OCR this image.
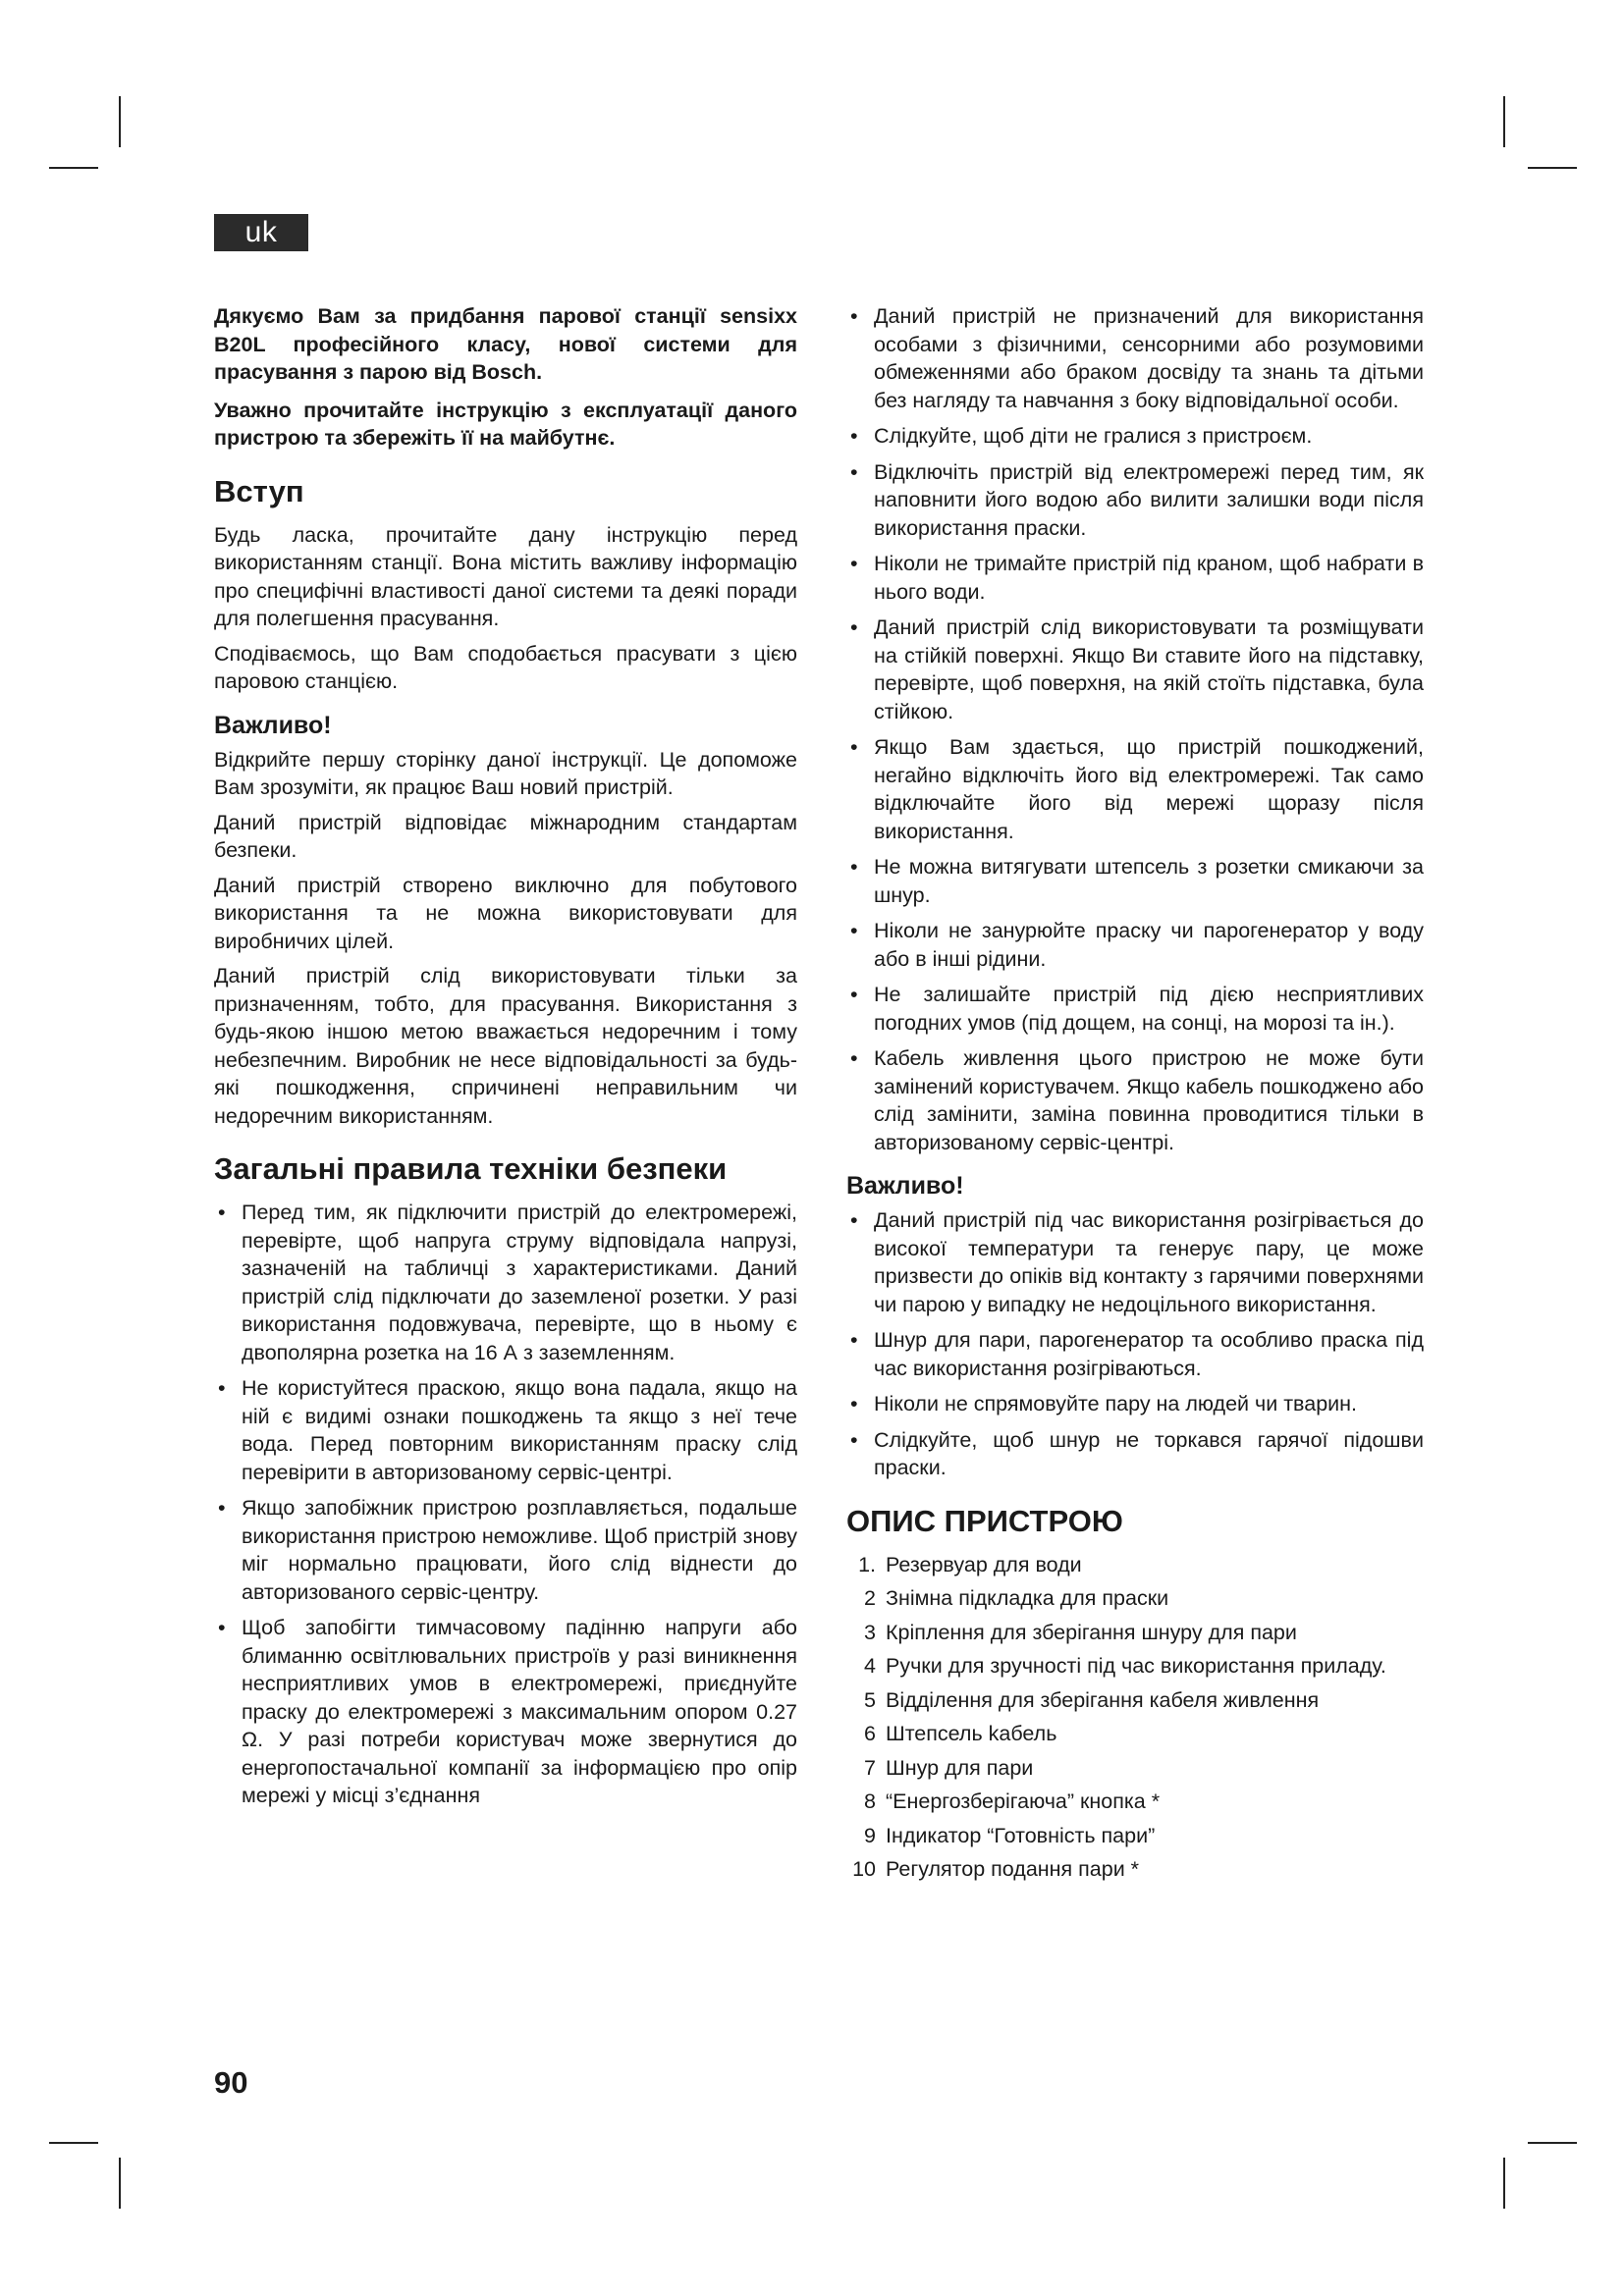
uk

Дякуємо Вам за придбання парової станції sensixx B20L професійного класу, нової системи для прасування з парою від Bosch.

Уважно прочитайте інструкцію з експлуатації даного пристрою та збережіть її на майбутнє.

Вступ

Будь ласка, прочитайте дану інструкцію перед використанням станції. Вона містить важливу інформацію про специфічні властивості даної системи та деякі поради для полегшення прасування.

Сподіваємось, що Вам сподобається прасувати з цією паровою станцією.

Важливо!

Відкрийте першу сторінку даної інструкції. Це допоможе Вам зрозуміти, як працює Ваш новий пристрій.

Даний пристрій відповідає міжнародним стандартам безпеки.

Даний пристрій створено виключно для побутового використання та не можна використовувати для виробничих цілей.

Даний пристрій слід використовувати тільки за призначенням, тобто, для прасування. Використання з будь-якою іншою метою вважається недоречним і тому небезпечним. Виробник не несе відповідальності за будь-які пошкодження, спричинені неправильним чи недоречним використанням.

Загальні правила техніки безпеки
• Перед тим, як підключити пристрій до електромережі, перевірте, щоб напруга струму відповідала напрузі, зазначеній на табличці з характеристиками. Даний пристрій слід підключати до заземленої розетки. У разі використання подовжувача, перевірте, що в ньому є двополярна розетка на 16 А з заземленням.
• Не користуйтеся праскою, якщо вона падала, якщо на ній є видимі ознаки пошкоджень та якщо з неї тече вода. Перед повторним використанням праску слід перевірити в авторизованому сервіс-центрі.
• Якщо запобіжник пристрою розплавляється, подальше використання пристрою неможливе. Щоб пристрій знову міг нормально працювати, його слід віднести до авторизованого сервіс-центру.
• Щоб запобігти тимчасовому падінню напруги або блиманню освітлювальних пристроїв у разі виникнення несприятливих умов в електромережі, приєднуйте праску до електромережі з максимальним опором 0.27 Ω. У разі потреби користувач може звернутися до енергопостачальної компанії за інформацією про опір мережі у місці з’єднання
• Даний пристрій не призначений для використання особами з фізичними, сенсорними або розумовими обмеженнями або браком досвіду та знань та дітьми без нагляду та навчання з боку відповідальної особи.
• Слідкуйте, щоб діти не гралися з пристроєм.
• Відключіть пристрій від електромережі перед тим, як наповнити його водою або вилити залишки води після використання праски.
• Ніколи не тримайте пристрій під краном, щоб набрати в нього води.
• Даний пристрій слід використовувати та розміщувати на стійкій поверхні. Якщо Ви ставите його на підставку, перевірте, щоб поверхня, на якій стоїть підставка, була стійкою.
• Якщо Вам здається, що пристрій пошкоджений, негайно відключіть його від електромережі. Так само відключайте його від мережі щоразу після використання.
• Не можна витягувати штепсель з розетки смикаючи за шнур.
• Ніколи не занурюйте праску чи парогенератор у воду або в інші рідини.
• Не залишайте пристрій під дією несприятливих погодних умов (під дощем, на сонці, на морозі та ін.).
• Кабель живлення цього пристрою не може бути замінений користувачем. Якщо кабель пошкоджено або слід замінити, заміна повинна проводитися тільки в авторизованому сервіс-центрі.
Важливо!
• Даний пристрій під час використання розігрівається до високої температури та генерує пару, це може призвести до опіків від контакту з гарячими поверхнями чи парою у випадку не недоцільного використання.
• Шнур для пари, парогенератор та особливо праска під час використання розігріваються.
• Ніколи не спрямовуйте пару на людей чи тварин.
• Слідкуйте, щоб шнур не торкався гарячої підошви праски.
ОПИС ПРИСТРОЮ
1. Резервуар для води
2 Знімна підкладка для праски
3 Кріплення для зберігання шнуру для пари
4 Ручки для зручності під час використання приладу.
5 Відділення для зберігання кабеля живлення
6 Штепсель kабель
7 Шнур для пари
8 “Енергозберігаюча” кнопка *
9 Індикатор “Готовність пари”
10 Регулятор подання пари *
90
